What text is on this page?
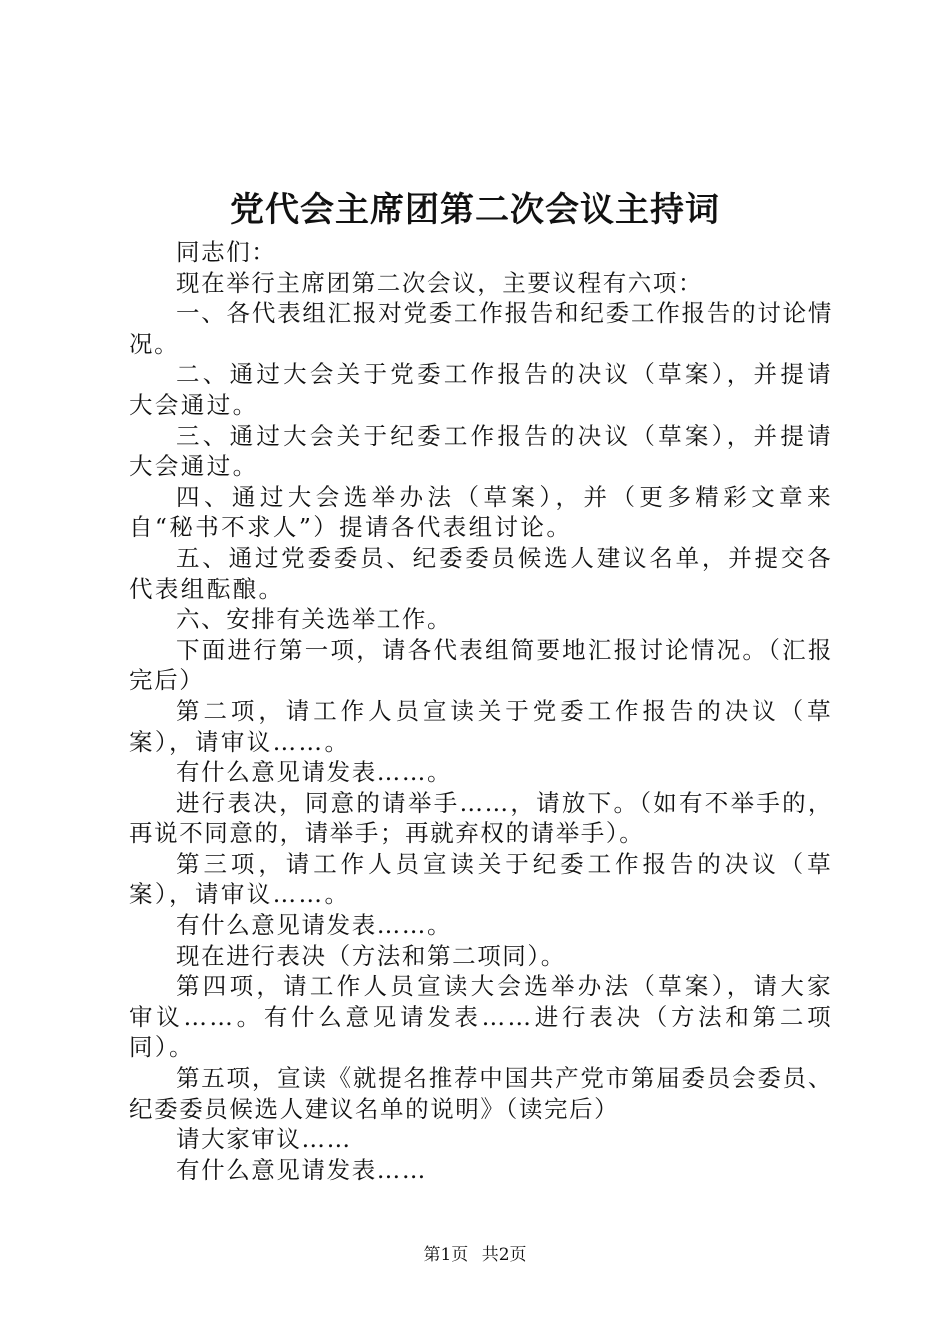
党代会主席团第二次会议主持词

同志们：

现在举行主席团第二次会议，主要议程有六项：

一、各代表组汇报对党委工作报告和纪委工作报告的讨论情况。

二、通过大会关于党委工作报告的决议（草案），并提请大会通过。

三、通过大会关于纪委工作报告的决议（草案），并提请大会通过。

四、通过大会选举办法（草案），并（更多精彩文章来自“秘书不求人”）提请各代表组讨论。

五、通过党委委员、纪委委员候选人建议名单，并提交各代表组酝酿。

六、安排有关选举工作。

下面进行第一项，请各代表组简要地汇报讨论情况。（汇报完后）

第二项，请工作人员宣读关于党委工作报告的决议（草案），请审议……。

有什么意见请发表……。

进行表决，同意的请举手……，请放下。（如有不举手的，再说不同意的，请举手；再就弃权的请举手）。

第三项，请工作人员宣读关于纪委工作报告的决议（草案），请审议……。

有什么意见请发表……。

现在进行表决（方法和第二项同）。

第四项，请工作人员宣读大会选举办法（草案），请大家审议……。有什么意见请发表……进行表决（方法和第二项同）。

第五项，宣读《就提名推荐中国共产党市第届委员会委员、纪委委员候选人建议名单的说明》（读完后）

请大家审议……

有什么意见请发表……

第1页 共2页
